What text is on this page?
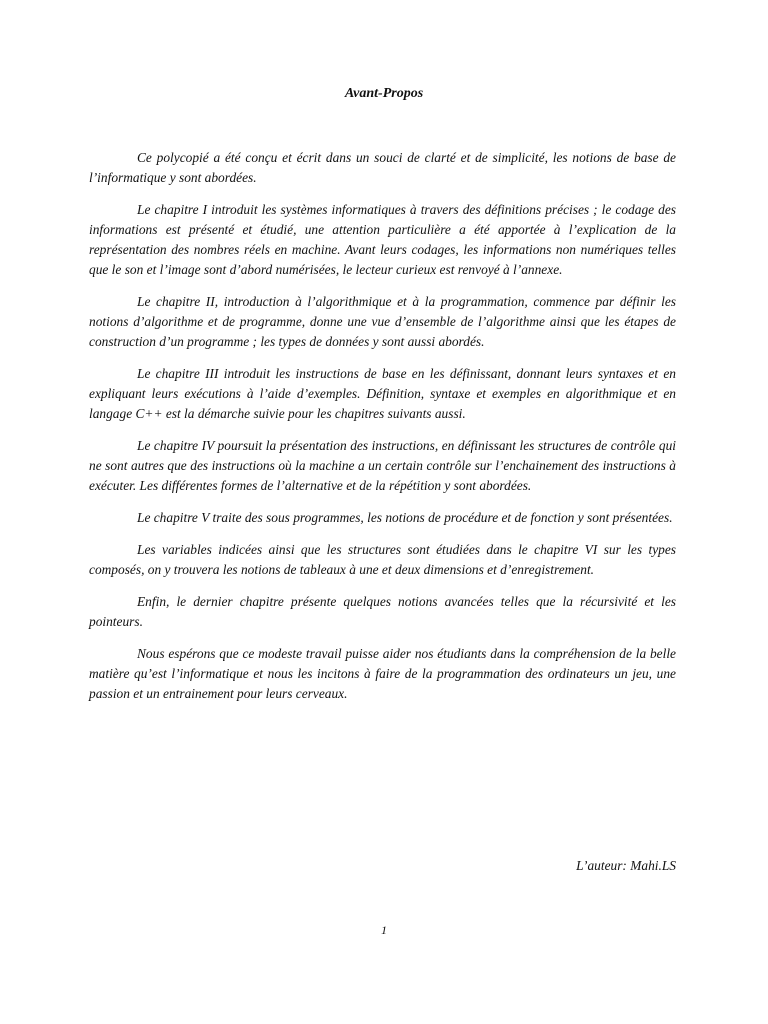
Avant-Propos

Ce polycopié a été conçu et écrit dans un souci de clarté et de simplicité, les notions de base de l’informatique y sont abordées.

Le chapitre I introduit les systèmes informatiques à travers des définitions précises ; le codage des informations est présenté et étudié, une attention particulière a été apportée à l’explication de la représentation des nombres réels en machine. Avant leurs codages, les informations non numériques telles que le son et l’image sont d’abord numérisées, le lecteur curieux est renvoyé à l’annexe.

Le chapitre II, introduction à l’algorithmique et à la programmation, commence par définir les notions d’algorithme et de programme, donne une vue d’ensemble de l’algorithme ainsi que les étapes de construction d’un programme ; les types de données y sont aussi abordés.

Le chapitre III introduit les instructions de base en les définissant, donnant leurs syntaxes et en expliquant leurs exécutions à l’aide d’exemples. Définition, syntaxe et exemples en algorithmique et en langage C++ est la démarche suivie pour les chapitres suivants aussi.

Le chapitre IV poursuit la présentation des instructions, en définissant les structures de contrôle qui ne sont autres que des instructions où la machine a un certain contrôle sur l’enchainement des instructions à exécuter. Les différentes formes de l’alternative et de la répétition y sont abordées.

Le chapitre V traite des sous programmes, les notions de procédure et de fonction y sont présentées.

Les variables indicées ainsi que les structures sont étudiées dans le chapitre VI sur les types composés, on y trouvera les notions de tableaux à une et deux dimensions et d’enregistrement.

Enfin, le dernier chapitre présente quelques notions avancées telles que la récursivité et les pointeurs.

Nous espérons que ce modeste travail puisse aider nos étudiants dans la compréhension de la belle matière qu’est l’informatique et nous les incitons à faire de la programmation des ordinateurs un jeu, une passion et un entrainement pour leurs cerveaux.

L’auteur: Mahi.LS
1
